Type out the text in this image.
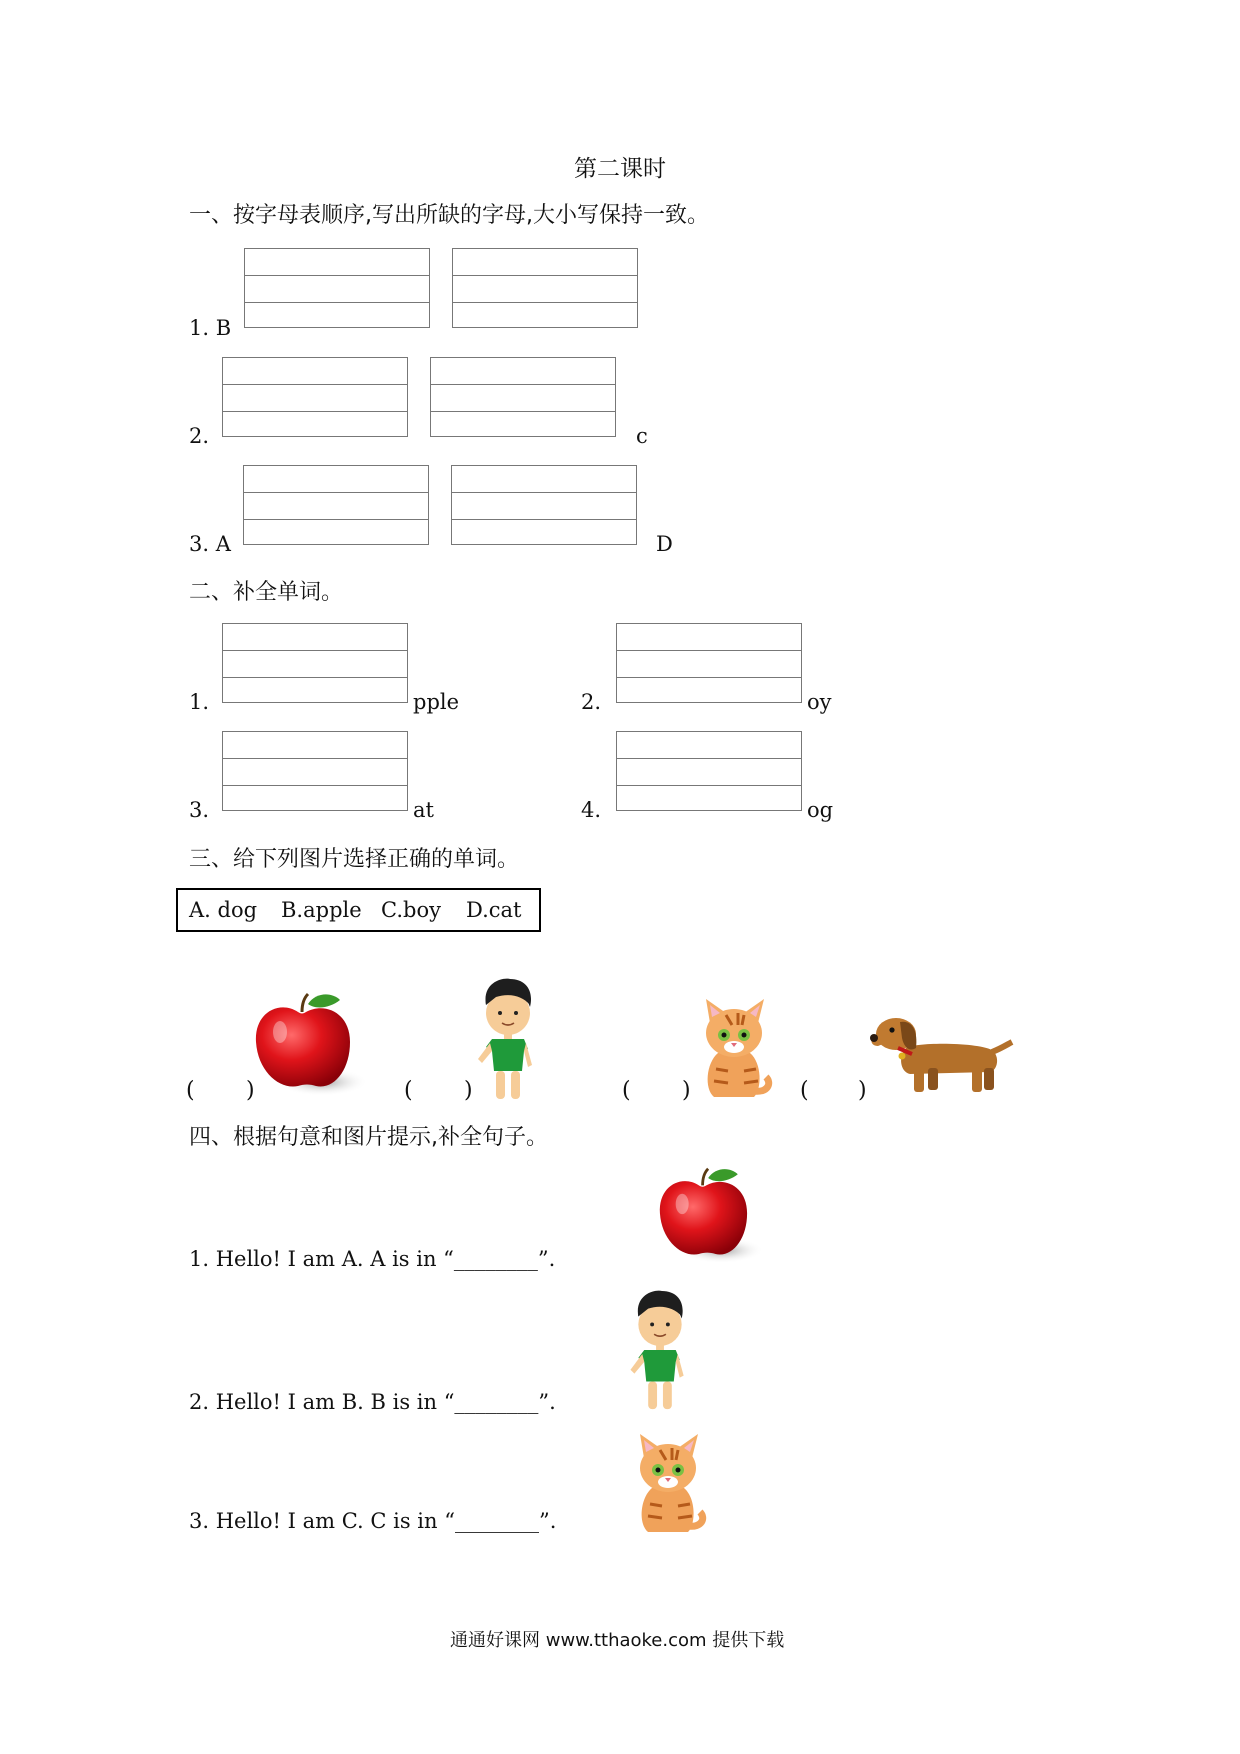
第二课时
一、按字母表顺序,写出所缺的字母,大小写保持一致。
1. B
2.	c
3. A	D
二、补全单词。
1.	pple	2.	oy
3.	at	4.	og
三、给下列图片选择正确的单词。
A. dog B.apple C.boy D.cat
( )	( )	( )	( )
四、根据句意和图片提示,补全句子。
1. Hello! I am A. A is in “________”.
2. Hello! I am B. B is in “________”.
3. Hello! I am C. C is in “________”.
通通好课网 www.tthaoke.com 提供下载
